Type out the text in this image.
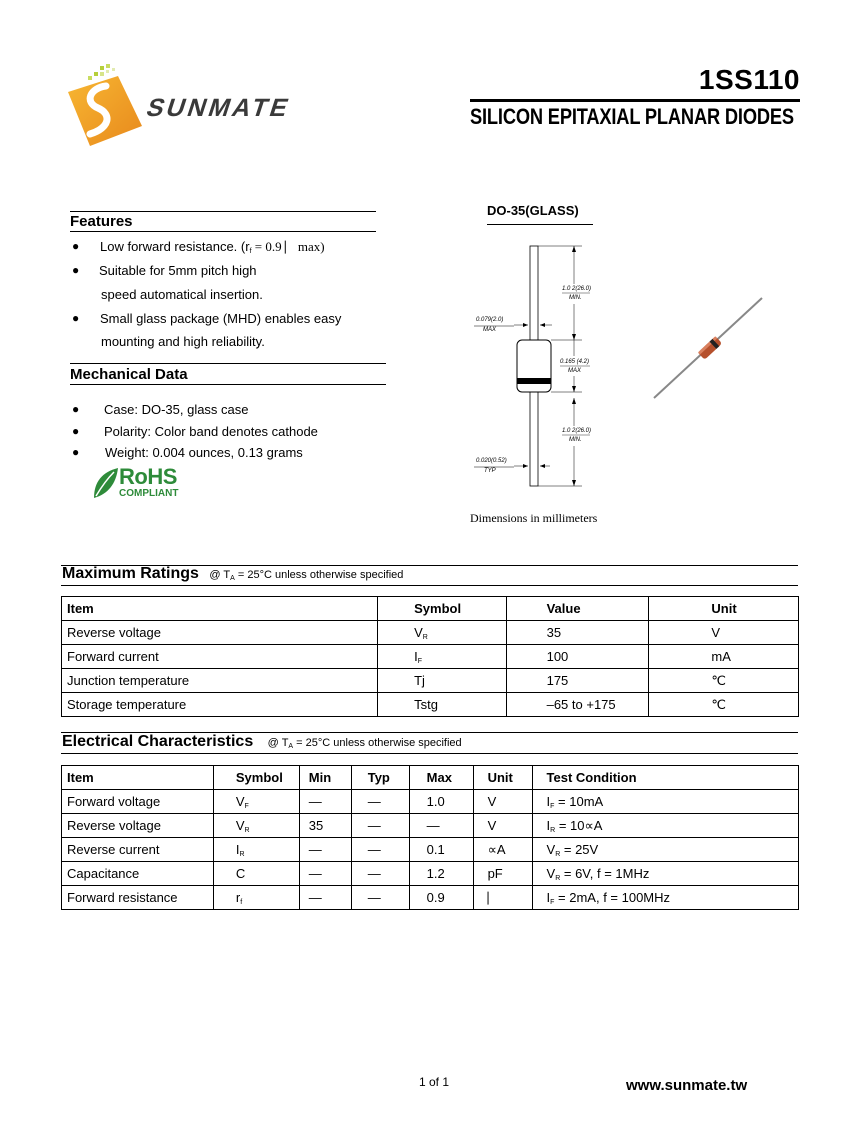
SUNMATE
1SS110
SILICON EPITAXIAL PLANAR DIODES
Features
● Low forward resistance. ($r_f = 0.9$ ⎸max)
● Suitable for 5mm pitch high
speed automatical insertion.
● Small glass package (MHD) enables easy
mounting and high reliability.
Mechanical Data
● Case: DO-35, glass case
● Polarity: Color band denotes cathode
● Weight: 0.004 ounces, 0.13 grams
RoHS
COMPLIANT
DO-35(GLASS)
1.0 2(26.0)
MIN.
0.079(2.0)
MAX
0.165 (4.2)
MAX
1.0 2(26.0)
MIN.
0.020(0.52)
TYP
Dimensions in millimeters
Maximum Ratings @ $T_A = 25^\circ C$ unless otherwise specified
Item	Symbol	Value	Unit
Reverse voltage	$V_R$	35	V
Forward current	$I_F$	100	mA
Junction temperature	Tj	175	℃
Storage temperature	Tstg	–65 to +175	℃
Electrical Characteristics @ $T_A = 25^\circ C$ unless otherwise specified
Item	Symbol	Min	Typ	Max	Unit	Test Condition
Forward voltage	$V_F$	—	—	1.0	V	$I_F = 10mA$
Reverse voltage	$V_R$	35	—	—	V	$I_R = 10\propto A$
Reverse current	$I_R$	—	—	0.1	∝A	$V_R = 25V$
Capacitance	C	—	—	1.2	pF	$V_R = 6V$, f = 1MHz
Forward resistance	$r_f$	—	—	0.9	⎸	$I_F = 2mA$, f = 100MHz
1 of 1	www.sunmate.tw
